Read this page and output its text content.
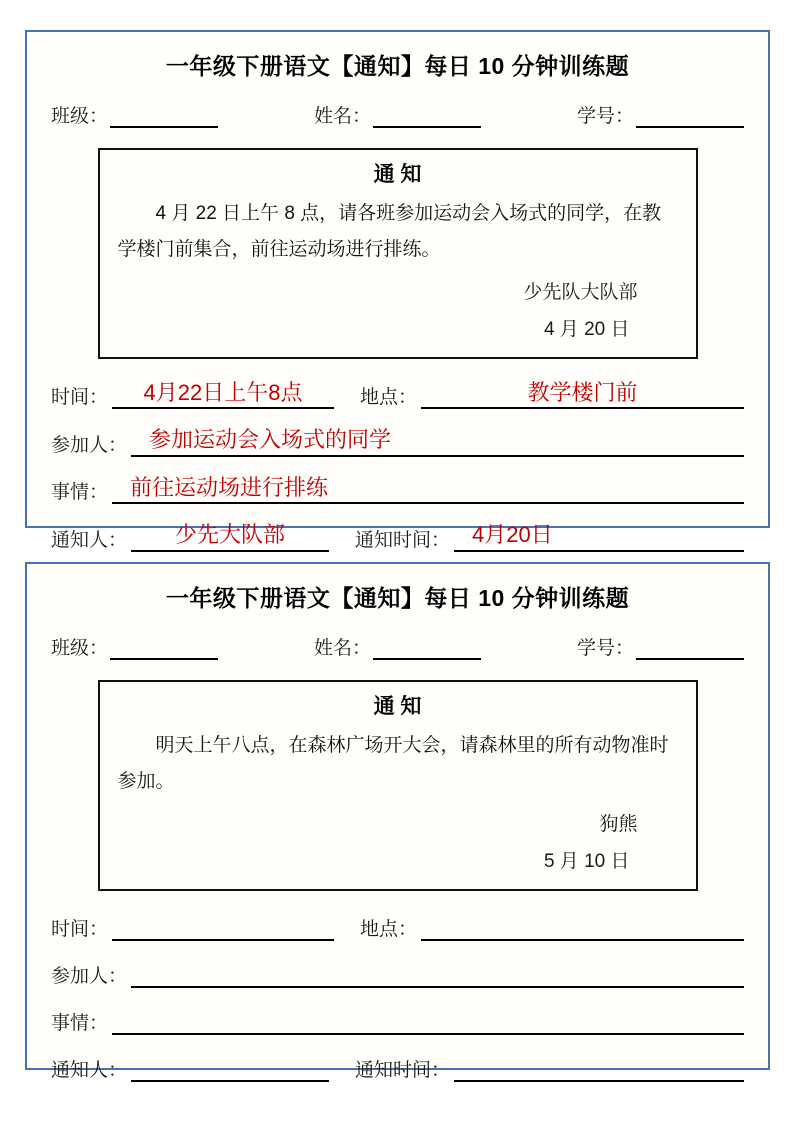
一年级下册语文【通知】每日 10 分钟训练题
班级：	姓名：	学号：
通 知

4 月 22 日上午 8 点，请各班参加运动会入场式的同学，在教学楼门前集合，前往运动场进行排练。

少先队大队部
4 月 20 日
时间：	4月22日上午8点	地点：	教学楼门前
参加人：	参加运动会入场式的同学
事情：	前往运动场进行排练
通知人：	少先大队部	通知时间：	4月20日
一年级下册语文【通知】每日 10 分钟训练题
班级：	姓名：	学号：
通 知

明天上午八点，在森林广场开大会，请森林里的所有动物准时参加。

狗熊
5 月 10 日
时间：	地点：
参加人：
事情：
通知人：	通知时间：
